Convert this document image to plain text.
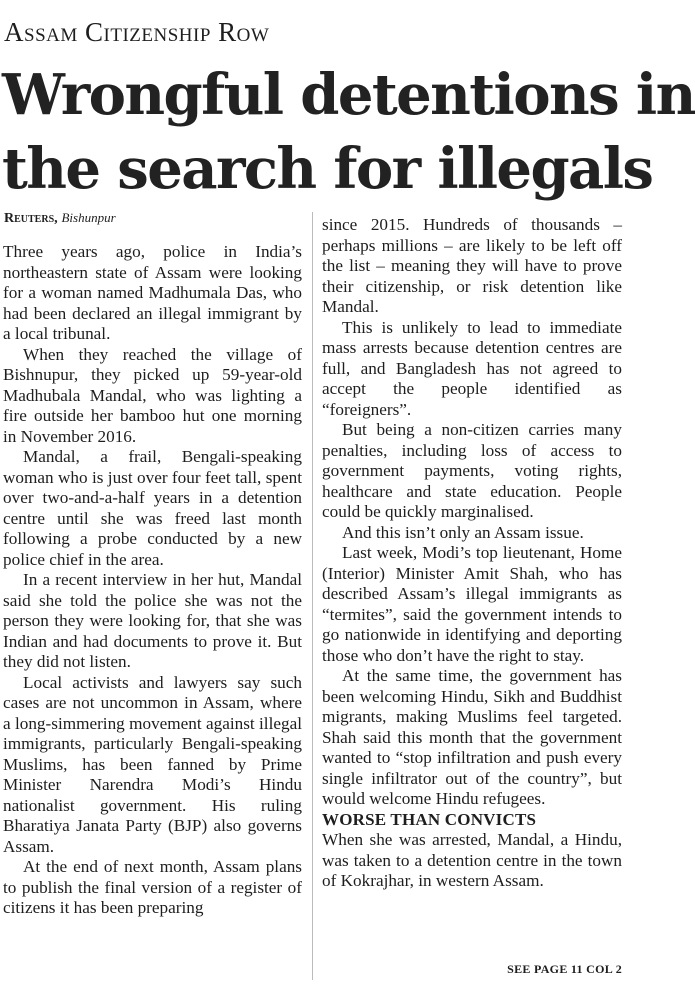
Assam Citizenship Row
Wrongful detentions in
the search for illegals
Reuters, Bishunpur

Three years ago, police in India’s northeastern state of Assam were looking for a woman named Madhumala Das, who had been declared an illegal immigrant by a local tribunal.

When they reached the village of Bishnupur, they picked up 59-year-old Madhubala Mandal, who was lighting a fire outside her bamboo hut one morning in November 2016.

Mandal, a frail, Bengali-speaking woman who is just over four feet tall, spent over two-and-a-half years in a detention centre until she was freed last month following a probe conducted by a new police chief in the area.

In a recent interview in her hut, Mandal said she told the police she was not the person they were looking for, that she was Indian and had documents to prove it. But they did not listen.

Local activists and lawyers say such cases are not uncommon in Assam, where a long-simmering movement against illegal immigrants, particularly Bengali-speaking Muslims, has been fanned by Prime Minister Narendra Modi’s Hindu nationalist government. His ruling Bharatiya Janata Party (BJP) also governs Assam.

At the end of next month, Assam plans to publish the final version of a register of citizens it has been preparing

since 2015. Hundreds of thousands – perhaps millions – are likely to be left off the list – meaning they will have to prove their citizenship, or risk detention like Mandal.

This is unlikely to lead to immediate mass arrests because detention centres are full, and Bangladesh has not agreed to accept the people identified as “foreigners”.

But being a non-citizen carries many penalties, including loss of access to government payments, voting rights, healthcare and state education. People could be quickly marginalised.

And this isn’t only an Assam issue.

Last week, Modi’s top lieutenant, Home (Interior) Minister Amit Shah, who has described Assam’s illegal immigrants as “termites”, said the government intends to go nationwide in identifying and deporting those who don’t have the right to stay.

At the same time, the government has been welcoming Hindu, Sikh and Buddhist migrants, making Muslims feel targeted. Shah said this month that the government wanted to “stop infiltration and push every single infiltrator out of the country”, but would welcome Hindu refugees.

WORSE THAN CONVICTS

When she was arrested, Mandal, a Hindu, was taken to a detention centre in the town of Kokrajhar, in western Assam.

SEE PAGE 11 COL 2
